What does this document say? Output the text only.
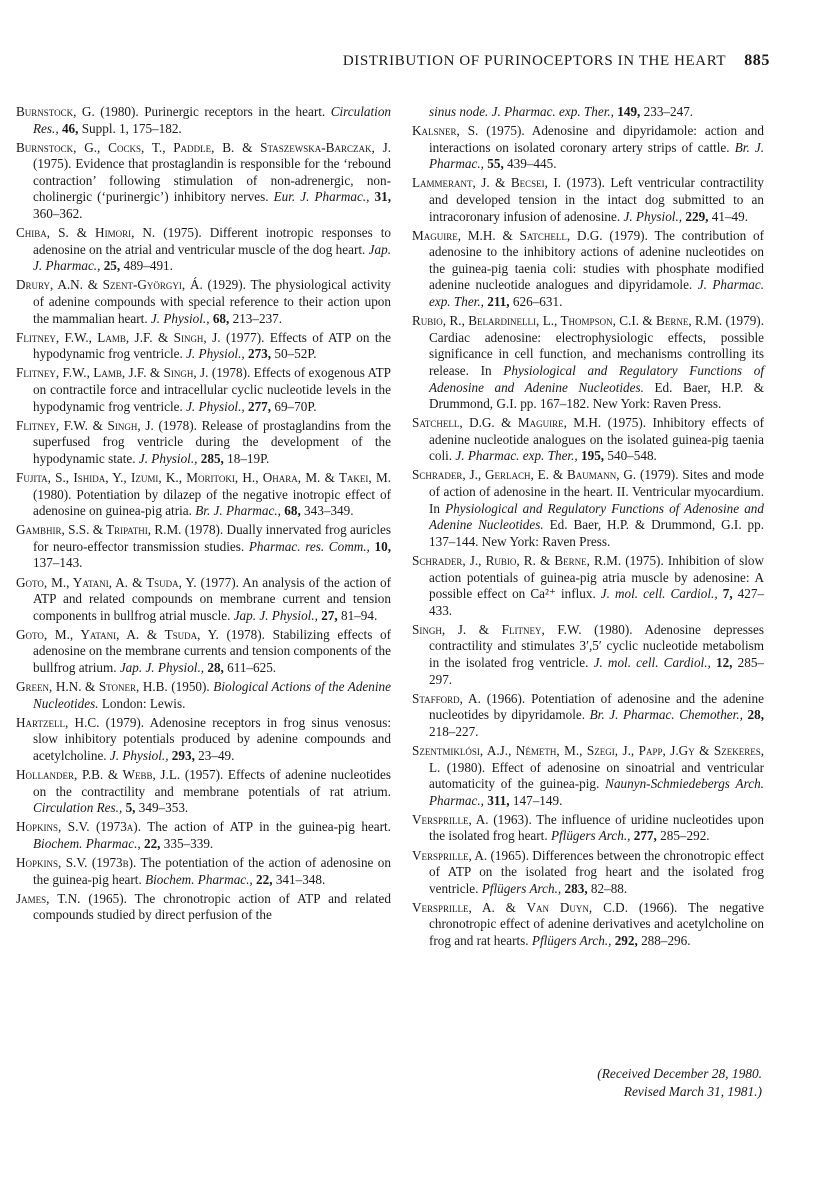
DISTRIBUTION OF PURINOCEPTORS IN THE HEART 885

Burnstock, G. (1980). Purinergic receptors in the heart. Circulation Res., 46, Suppl. 1, 175–182.

Burnstock, G., Cocks, T., Paddle, B. & Staszewska-Barczak, J. (1975). Evidence that prostaglandin is responsible for the ‘rebound contraction’ following stimulation of non-adrenergic, non-cholinergic (‘purinergic’) inhibitory nerves. Eur. J. Pharmac., 31, 360–362.

Chiba, S. & Himori, N. (1975). Different inotropic responses to adenosine on the atrial and ventricular muscle of the dog heart. Jap. J. Pharmac., 25, 489–491.

Drury, A.N. & Szent-Györgyi, Á. (1929). The physiological activity of adenine compounds with special reference to their action upon the mammalian heart. J. Physiol., 68, 213–237.

Flitney, F.W., Lamb, J.F. & Singh, J. (1977). Effects of ATP on the hypodynamic frog ventricle. J. Physiol., 273, 50–52P.

Flitney, F.W., Lamb, J.F. & Singh, J. (1978). Effects of exogenous ATP on contractile force and intracellular cyclic nucleotide levels in the hypodynamic frog ventricle. J. Physiol., 277, 69–70P.

Flitney, F.W. & Singh, J. (1978). Release of prostaglandins from the superfused frog ventricle during the development of the hypodynamic state. J. Physiol., 285, 18–19P.

Fujita, S., Ishida, Y., Izumi, K., Moritoki, H., Ohara, M. & Takei, M. (1980). Potentiation by dilazep of the negative inotropic effect of adenosine on guinea-pig atria. Br. J. Pharmac., 68, 343–349.

Gambhir, S.S. & Tripathi, R.M. (1978). Dually innervated frog auricles for neuro-effector transmission studies. Pharmac. res. Comm., 10, 137–143.

Goto, M., Yatani, A. & Tsuda, Y. (1977). An analysis of the action of ATP and related compounds on membrane current and tension components in bullfrog atrial muscle. Jap. J. Physiol., 27, 81–94.

Goto, M., Yatani, A. & Tsuda, Y. (1978). Stabilizing effects of adenosine on the membrane currents and tension components of the bullfrog atrium. Jap. J. Physiol., 28, 611–625.

Green, H.N. & Stoner, H.B. (1950). Biological Actions of the Adenine Nucleotides. London: Lewis.

Hartzell, H.C. (1979). Adenosine receptors in frog sinus venosus: slow inhibitory potentials produced by adenine compounds and acetylcholine. J. Physiol., 293, 23–49.

Hollander, P.B. & Webb, J.L. (1957). Effects of adenine nucleotides on the contractility and membrane potentials of rat atrium. Circulation Res., 5, 349–353.

Hopkins, S.V. (1973a). The action of ATP in the guinea-pig heart. Biochem. Pharmac., 22, 335–339.

Hopkins, S.V. (1973b). The potentiation of the action of adenosine on the guinea-pig heart. Biochem. Pharmac., 22, 341–348.

James, T.N. (1965). The chronotropic action of ATP and related compounds studied by direct perfusion of the

sinus node. J. Pharmac. exp. Ther., 149, 233–247.

Kalsner, S. (1975). Adenosine and dipyridamole: action and interactions on isolated coronary artery strips of cattle. Br. J. Pharmac., 55, 439–445.

Lammerant, J. & Becsei, I. (1973). Left ventricular contractility and developed tension in the intact dog submitted to an intracoronary infusion of adenosine. J. Physiol., 229, 41–49.

Maguire, M.H. & Satchell, D.G. (1979). The contribution of adenosine to the inhibitory actions of adenine nucleotides on the guinea-pig taenia coli: studies with phosphate modified adenine nucleotide analogues and dipyridamole. J. Pharmac. exp. Ther., 211, 626–631.

Rubio, R., Belardinelli, L., Thompson, C.I. & Berne, R.M. (1979). Cardiac adenosine: electrophysiologic effects, possible significance in cell function, and mechanisms controlling its release. In Physiological and Regulatory Functions of Adenosine and Adenine Nucleotides. Ed. Baer, H.P. & Drummond, G.I. pp. 167–182. New York: Raven Press.

Satchell, D.G. & Maguire, M.H. (1975). Inhibitory effects of adenine nucleotide analogues on the isolated guinea-pig taenia coli. J. Pharmac. exp. Ther., 195, 540–548.

Schrader, J., Gerlach, E. & Baumann, G. (1979). Sites and mode of action of adenosine in the heart. II. Ventricular myocardium. In Physiological and Regulatory Functions of Adenosine and Adenine Nucleotides. Ed. Baer, H.P. & Drummond, G.I. pp. 137–144. New York: Raven Press.

Schrader, J., Rubio, R. & Berne, R.M. (1975). Inhibition of slow action potentials of guinea-pig atria muscle by adenosine: A possible effect on Ca²⁺ influx. J. mol. cell. Cardiol., 7, 427–433.

Singh, J. & Flitney, F.W. (1980). Adenosine depresses contractility and stimulates 3′,5′ cyclic nucleotide metabolism in the isolated frog ventricle. J. mol. cell. Cardiol., 12, 285–297.

Stafford, A. (1966). Potentiation of adenosine and the adenine nucleotides by dipyridamole. Br. J. Pharmac. Chemother., 28, 218–227.

Szentmiklósi, A.J., Németh, M., Szegi, J., Papp, J.Gy & Szekeres, L. (1980). Effect of adenosine on sinoatrial and ventricular automaticity of the guinea-pig. Naunyn-Schmiedebergs Arch. Pharmac., 311, 147–149.

Versprille, A. (1963). The influence of uridine nucleotides upon the isolated frog heart. Pflügers Arch., 277, 285–292.

Versprille, A. (1965). Differences between the chronotropic effect of ATP on the isolated frog heart and the isolated frog ventricle. Pflügers Arch., 283, 82–88.

Versprille, A. & Van Duyn, C.D. (1966). The negative chronotropic effect of adenine derivatives and acetylcholine on frog and rat hearts. Pflügers Arch., 292, 288–296.

(Received December 28, 1980.
Revised March 31, 1981.)
